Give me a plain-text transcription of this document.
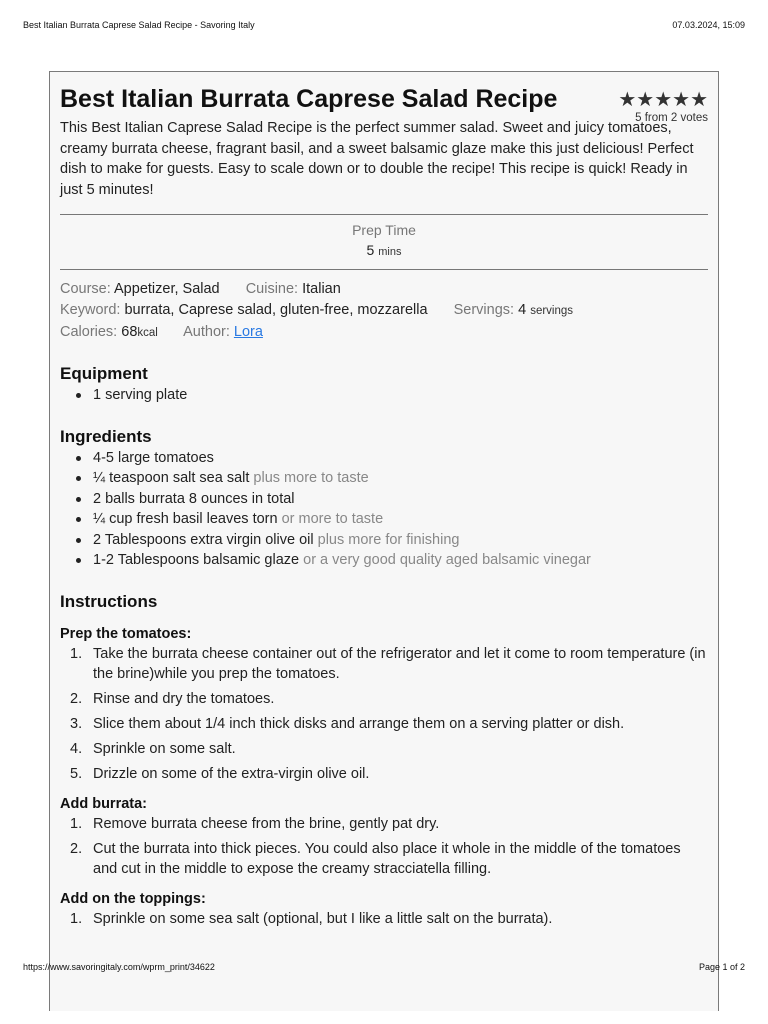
Best Italian Burrata Caprese Salad Recipe - Savoring Italy	07.03.2024, 15:09
Best Italian Burrata Caprese Salad Recipe	★ ★ ★ ★ ★
5 from 2 votes

This Best Italian Caprese Salad Recipe is the perfect summer salad. Sweet and juicy tomatoes, creamy burrata cheese, fragrant basil, and a sweet balsamic glaze make this just delicious! Perfect dish to make for guests. Easy to scale down or to double the recipe! This recipe is quick! Ready in just 5 minutes!

Prep Time
5 mins
Course: Appetizer, Salad Cuisine: Italian
Keyword: burrata, Caprese salad, gluten-free, mozzarella Servings: 4 servings
Calories: 68kcal Author: Lora
Equipment
1 serving plate
Ingredients
4-5 large tomatoes
¼ teaspoon salt sea salt plus more to taste
2 balls burrata 8 ounces in total
¼ cup fresh basil leaves torn or more to taste
2 Tablespoons extra virgin olive oil plus more for finishing
1-2 Tablespoons balsamic glaze or a very good quality aged balsamic vinegar
Instructions
Prep the tomatoes:
1. Take the burrata cheese container out of the refrigerator and let it come to room temperature (in the brine)while you prep the tomatoes.
2. Rinse and dry the tomatoes.
3. Slice them about 1/4 inch thick disks and arrange them on a serving platter or dish.
4. Sprinkle on some salt.
5. Drizzle on some of the extra-virgin olive oil.
Add burrata:
1. Remove burrata cheese from the brine, gently pat dry.
2. Cut the burrata into thick pieces. You could also place it whole in the middle of the tomatoes and cut in the middle to expose the creamy stracciatella filling.
Add on the toppings:
1. Sprinkle on some sea salt (optional, but I like a little salt on the burrata).
https://www.savoringitaly.com/wprm_print/34622	Page 1 of 2
